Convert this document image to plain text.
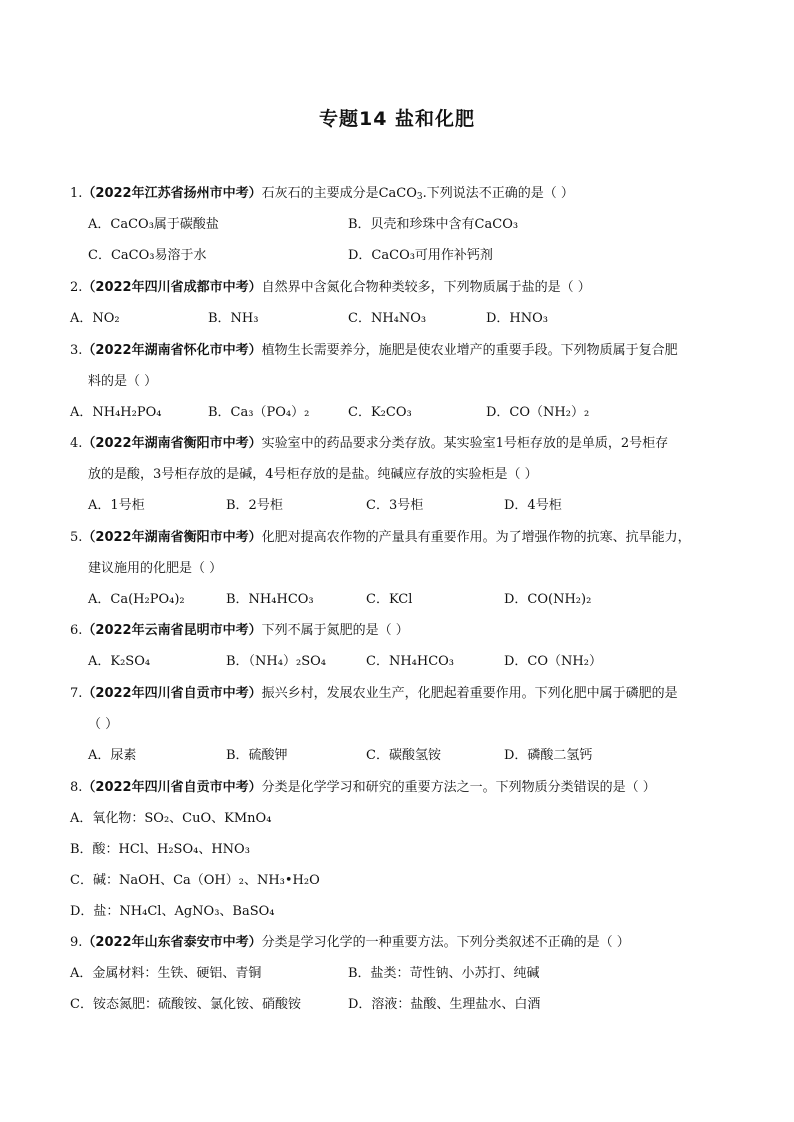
专题14 盐和化肥
1.（2022年江苏省扬州市中考）石灰石的主要成分是CaCO$_3$.下列说法不正确的是（ ）
A．CaCO₃属于碳酸盐	B．贝壳和珍珠中含有CaCO₃
C．CaCO₃易溶于水	D．CaCO₃可用作补钙剂
2.（2022年四川省成都市中考）自然界中含氮化合物种类较多，下列物质属于盐的是（ ）
A．NO₂	B．NH₃	C．NH₄NO₃	D．HNO₃
3.（2022年湖南省怀化市中考）植物生长需要养分，施肥是使农业增产的重要手段。下列物质属于复合肥
料的是（ ）
A．NH₄H₂PO₄	B．Ca₃（PO₄）₂	C．K₂CO₃	D．CO（NH₂）₂
4.（2022年湖南省衡阳市中考）实验室中的药品要求分类存放。某实验室1号柜存放的是单质，2号柜存
放的是酸，3号柜存放的是碱，4号柜存放的是盐。纯碱应存放的实验柜是（ ）
A．1号柜	B．2号柜	C．3号柜	D．4号柜
5.（2022年湖南省衡阳市中考）化肥对提高农作物的产量具有重要作用。为了增强作物的抗寒、抗旱能力，
建议施用的化肥是（ ）
A．Ca(H₂PO₄)₂	B．NH₄HCO₃	C．KCl	D．CO(NH₂)₂
6.（2022年云南省昆明市中考）下列不属于氮肥的是（ ）
A．K₂SO₄	B．（NH₄）₂SO₄	C．NH₄HCO₃	D．CO（NH₂）
7.（2022年四川省自贡市中考）振兴乡村，发展农业生产，化肥起着重要作用。下列化肥中属于磷肥的是
（ ）
A．尿素	B．硫酸钾	C．碳酸氢铵	D．磷酸二氢钙
8.（2022年四川省自贡市中考）分类是化学学习和研究的重要方法之一。下列物质分类错误的是（ ）
A．氧化物：SO₂、CuO、KMnO₄
B．酸：HCl、H₂SO₄、HNO₃
C．碱：NaOH、Ca（OH）₂、NH₃•H₂O
D．盐：NH₄Cl、AgNO₃、BaSO₄
9.（2022年山东省泰安市中考）分类是学习化学的一种重要方法。下列分类叙述不正确的是（ ）
A．金属材料：生铁、硬铝、青铜	B．盐类：苛性钠、小苏打、纯碱
C．铵态氮肥：硫酸铵、氯化铵、硝酸铵	D．溶液：盐酸、生理盐水、白酒
